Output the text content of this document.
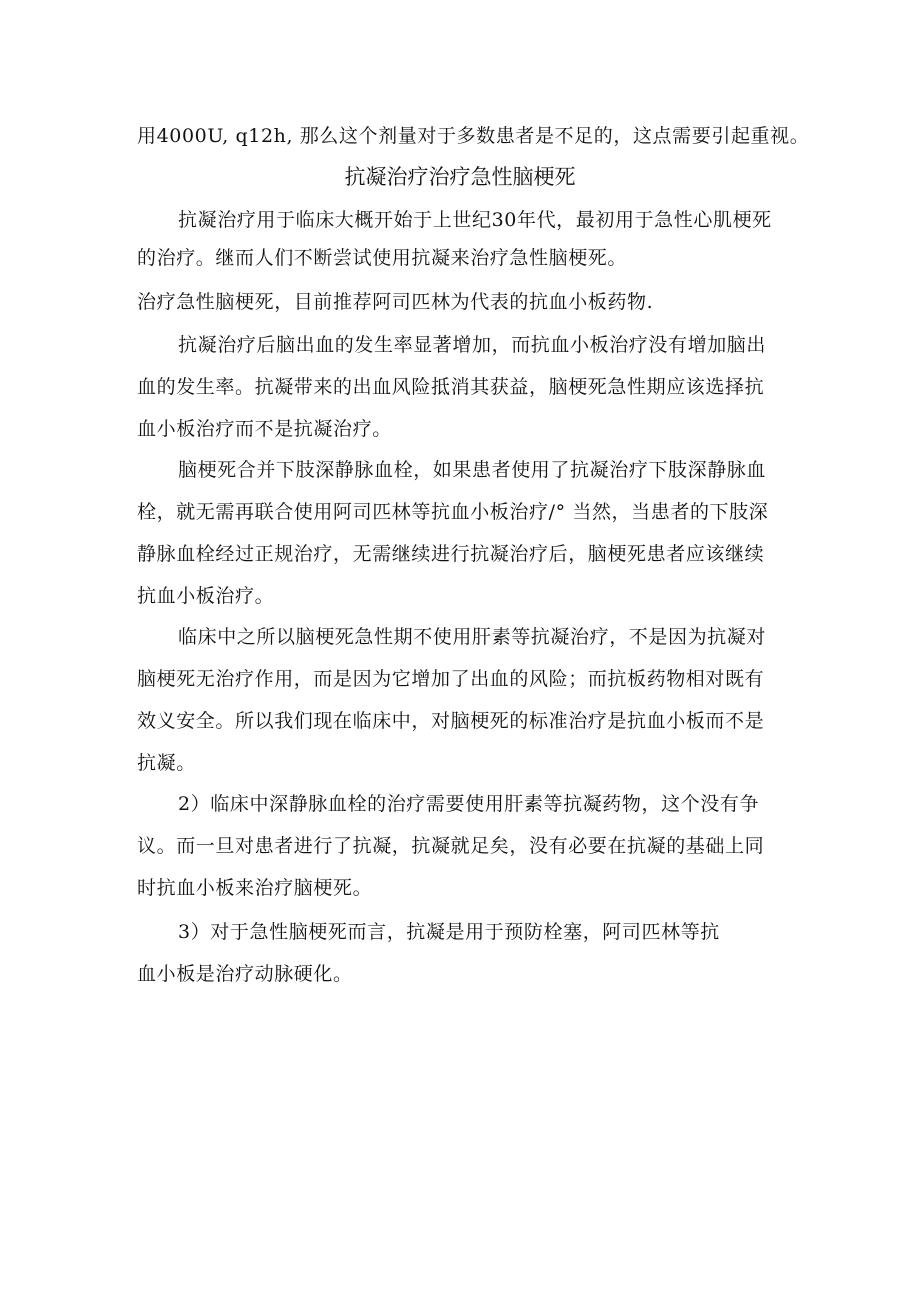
用4000U, q12h, 那么这个剂量对于多数患者是不足的，这点需要引起重视。
抗凝治疗治疗急性脑梗死
抗凝治疗用于临床大概开始于上世纪30年代，最初用于急性心肌梗死
的治疗。继而人们不断尝试使用抗凝来治疗急性脑梗死。
治疗急性脑梗死，目前推荐阿司匹林为代表的抗血小板药物.
抗凝治疗后脑出血的发生率显著增加，而抗血小板治疗没有增加脑出
血的发生率。抗凝带来的出血风险抵消其获益，脑梗死急性期应该选择抗
血小板治疗而不是抗凝治疗。
脑梗死合并下肢深静脉血栓，如果患者使用了抗凝治疗下肢深静脉血
栓，就无需再联合使用阿司匹林等抗血小板治疗/° 当然，当患者的下肢深
静脉血栓经过正规治疗，无需继续进行抗凝治疗后，脑梗死患者应该继续
抗血小板治疗。
临床中之所以脑梗死急性期不使用肝素等抗凝治疗，不是因为抗凝对
脑梗死无治疗作用，而是因为它增加了出血的风险；而抗板药物相对既有
效义安全。所以我们现在临床中，对脑梗死的标准治疗是抗血小板而不是
抗凝。
2）临床中深静脉血栓的治疗需要使用肝素等抗凝药物，这个没有争
议。而一旦对患者进行了抗凝，抗凝就足矣，没有必要在抗凝的基础上同
时抗血小板来治疗脑梗死。
3）对于急性脑梗死而言，抗凝是用于预防栓塞，阿司匹林等抗
血小板是治疗动脉硬化。
